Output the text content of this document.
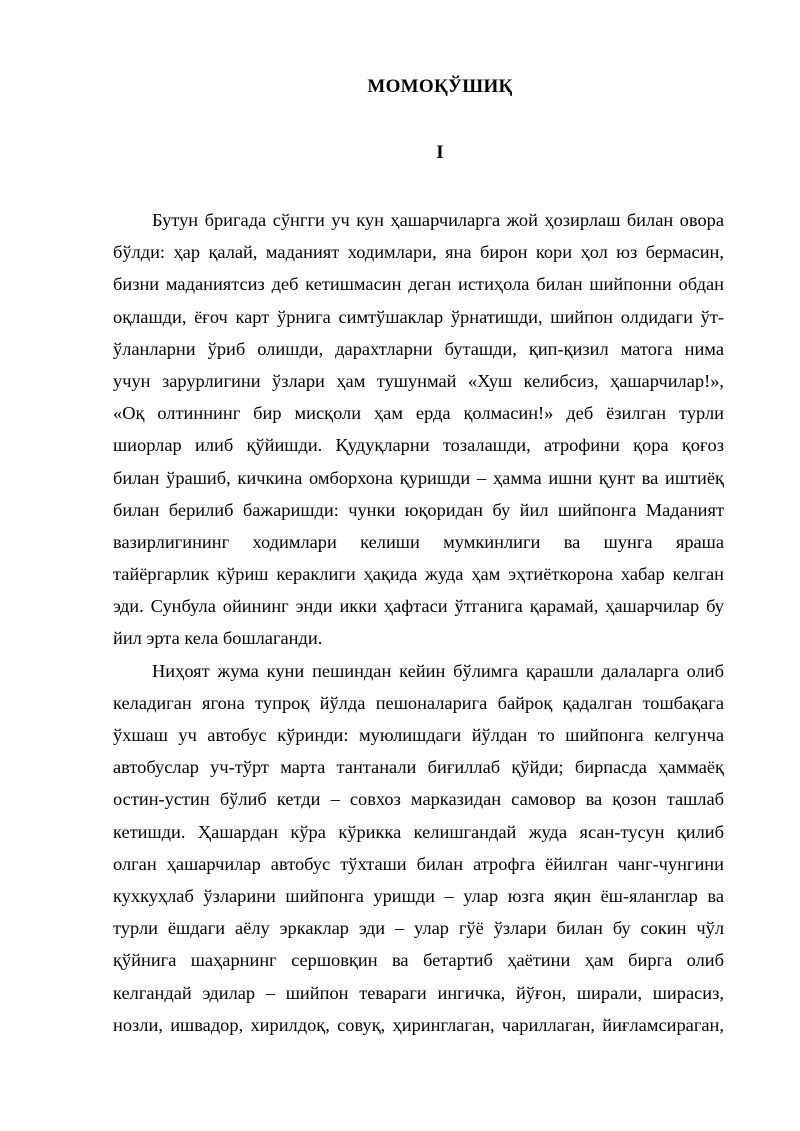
МОМОҚЎШИҚ
I
Бутун бригада сўнгги уч кун ҳашарчиларга жой ҳозирлаш билан овора
бўлди: ҳар қалай, маданият ходимлари, яна бирон кори ҳол юз бермасин,
бизни маданиятсиз деб кетишмасин деган истиҳола билан шийпонни обдан
оқлашди, ёғоч карт ўрнига симтўшаклар ўрнатишди, шийпон олдидаги ўт-
ўланларни ўриб олишди, дарахтларни буташди, қип-қизил матога нима
учун зарурлигини ўзлари ҳам тушунмай «Хуш келибсиз, ҳашарчилар!»,
«Оқ олтиннинг бир мисқоли ҳам ерда қолмасин!» деб ёзилган турли
шиорлар илиб қўйишди. Қудуқларни тозалашди, атрофини қора қоғоз
билан ўрашиб, кичкина омборхона қуришди – ҳамма ишни қунт ва иштиёқ
билан берилиб бажаришди: чунки юқоридан бу йил шийпонга Маданият
вазирлигининг ходимлари келиши мумкинлиги ва шунга яраша
тайёргарлик кўриш кераклиги ҳақида жуда ҳам эҳтиёткорона хабар келган
эди. Сунбула ойининг энди икки ҳафтаси ўтганига қарамай, ҳашарчилар бу
йил эрта кела бошлаганди.
Ниҳоят жума куни пешиндан кейин бўлимга қарашли далаларга олиб
келадиган ягона тупроқ йўлда пешоналарига байроқ қадалган тошбақага
ўхшаш уч автобус кўринди: муюлишдаги йўлдан то шийпонга келгунча
автобуслар уч-тўрт марта тантанали биғиллаб қўйди; бирпасда ҳаммаёқ
остин-устин бўлиб кетди – совхоз марказидан самовор ва қозон ташлаб
кетишди. Ҳашардан кўра кўрикка келишгандай жуда ясан-тусун қилиб
олган ҳашарчилар автобус тўхташи билан атрофга ёйилган чанг-чунгини
кухкуҳлаб ўзларини шийпонга уришди – улар юзга яқин ёш-яланглар ва
турли ёшдаги аёлу эркаклар эди – улар гўё ўзлари билан бу сокин чўл
қўйнига шаҳарнинг сершовқин ва бетартиб ҳаётини ҳам бирга олиб
келгандай эдилар – шийпон тевараги ингичка, йўғон, ширали, ширасиз,
нозли, ишвадор, хирилдоқ, совуқ, ҳиринглаган, чариллаган, йиғламсираган,
